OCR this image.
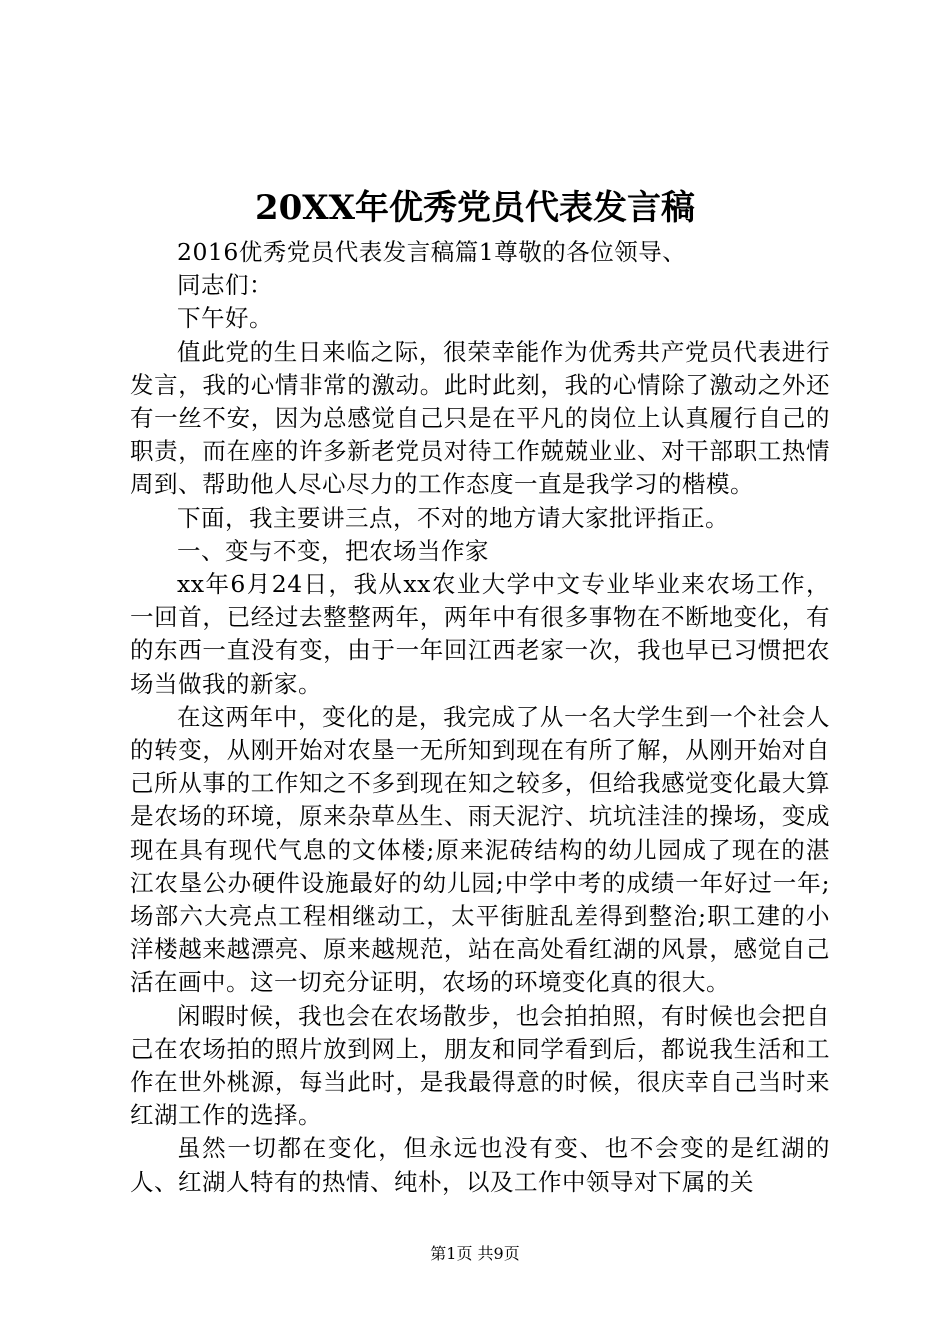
20XX年优秀党员代表发言稿

2016优秀党员代表发言稿篇1尊敬的各位领导、

同志们：

下午好。

值此党的生日来临之际，很荣幸能作为优秀共产党员代表进行发言，我的心情非常的激动。此时此刻，我的心情除了激动之外还有一丝不安，因为总感觉自己只是在平凡的岗位上认真履行自己的职责，而在座的许多新老党员对待工作兢兢业业、对干部职工热情周到、帮助他人尽心尽力的工作态度一直是我学习的楷模。

下面，我主要讲三点，不对的地方请大家批评指正。

一、变与不变，把农场当作家

xx年6月24日，我从xx农业大学中文专业毕业来农场工作，一回首，已经过去整整两年，两年中有很多事物在不断地变化，有的东西一直没有变，由于一年回江西老家一次，我也早已习惯把农场当做我的新家。

在这两年中，变化的是，我完成了从一名大学生到一个社会人的转变，从刚开始对农垦一无所知到现在有所了解，从刚开始对自己所从事的工作知之不多到现在知之较多，但给我感觉变化最大算是农场的环境，原来杂草丛生、雨天泥泞、坑坑洼洼的操场，变成现在具有现代气息的文体楼;原来泥砖结构的幼儿园成了现在的湛江农垦公办硬件设施最好的幼儿园;中学中考的成绩一年好过一年;场部六大亮点工程相继动工，太平街脏乱差得到整治;职工建的小洋楼越来越漂亮、原来越规范，站在高处看红湖的风景，感觉自己活在画中。这一切充分证明，农场的环境变化真的很大。

闲暇时候，我也会在农场散步，也会拍拍照，有时候也会把自己在农场拍的照片放到网上，朋友和同学看到后，都说我生活和工作在世外桃源，每当此时，是我最得意的时候，很庆幸自己当时来红湖工作的选择。

虽然一切都在变化，但永远也没有变、也不会变的是红湖的人、红湖人特有的热情、纯朴，以及工作中领导对下属的关

第1页 共9页
